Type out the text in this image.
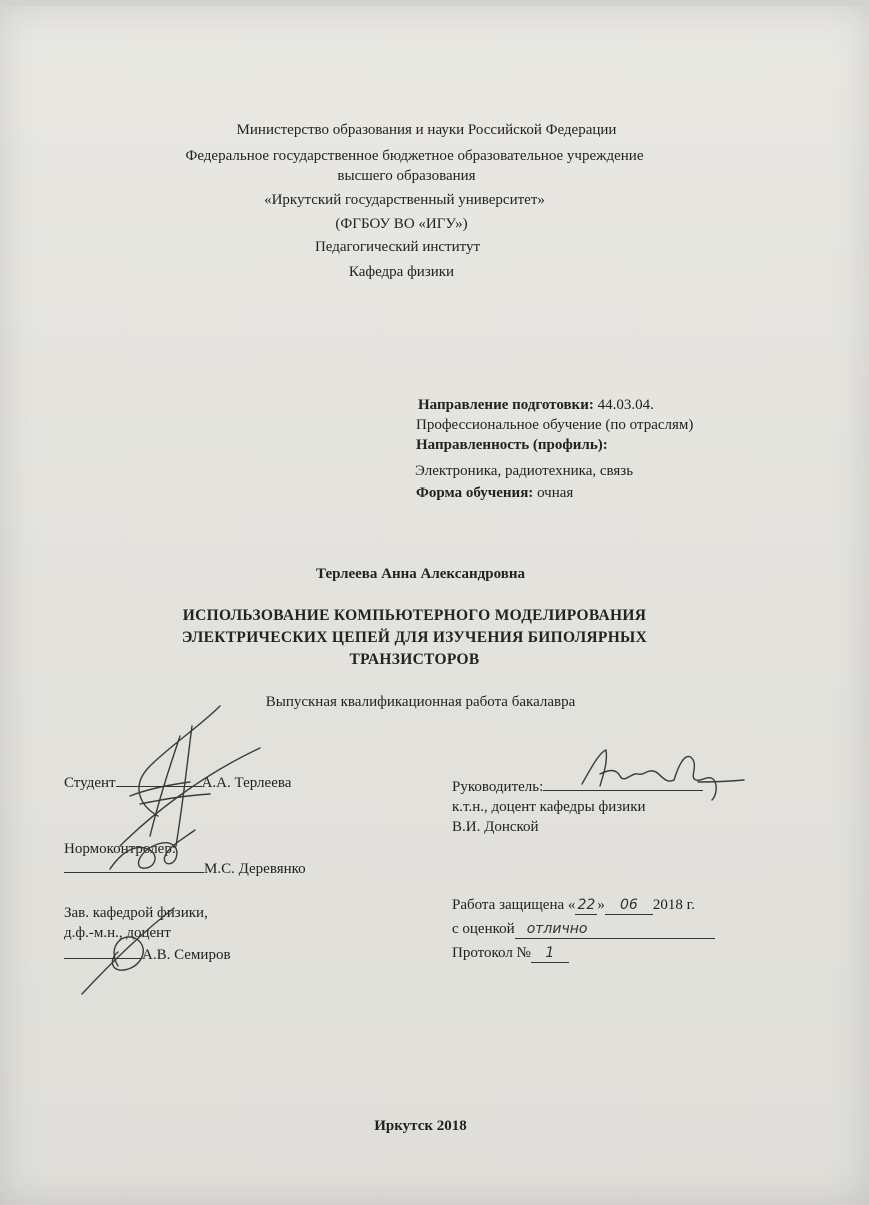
Министерство образования и науки Российской Федерации
Федеральное государственное бюджетное образовательное учреждение
высшего образования
«Иркутский государственный университет»
(ФГБОУ ВО «ИГУ»)
Педагогический институт
Кафедра физики
Направление подготовки: 44.03.04.
Профессиональное обучение (по отраслям)
Направленность (профиль):
Электроника, радиотехника, связь
Форма обучения: очная
Терлеева Анна Александровна
ИСПОЛЬЗОВАНИЕ КОМПЬЮТЕРНОГО МОДЕЛИРОВАНИЯ
ЭЛЕКТРИЧЕСКИХ ЦЕПЕЙ ДЛЯ ИЗУЧЕНИЯ БИПОЛЯРНЫХ
ТРАНЗИСТОРОВ
Выпускная квалификационная работа бакалавра
Студент	А.А. Терлеева
Нормоконтролер:
М.С. Деревянко
Зав. кафедрой физики,
д.ф.-м.н., доцент
А.В. Семиров
Руководитель:
к.т.н., доцент кафедры физики
В.И. Донской
Работа защищена « 22 » 06 2018 г.
с оценкой отлично
Протокол № 1
Иркутск 2018
